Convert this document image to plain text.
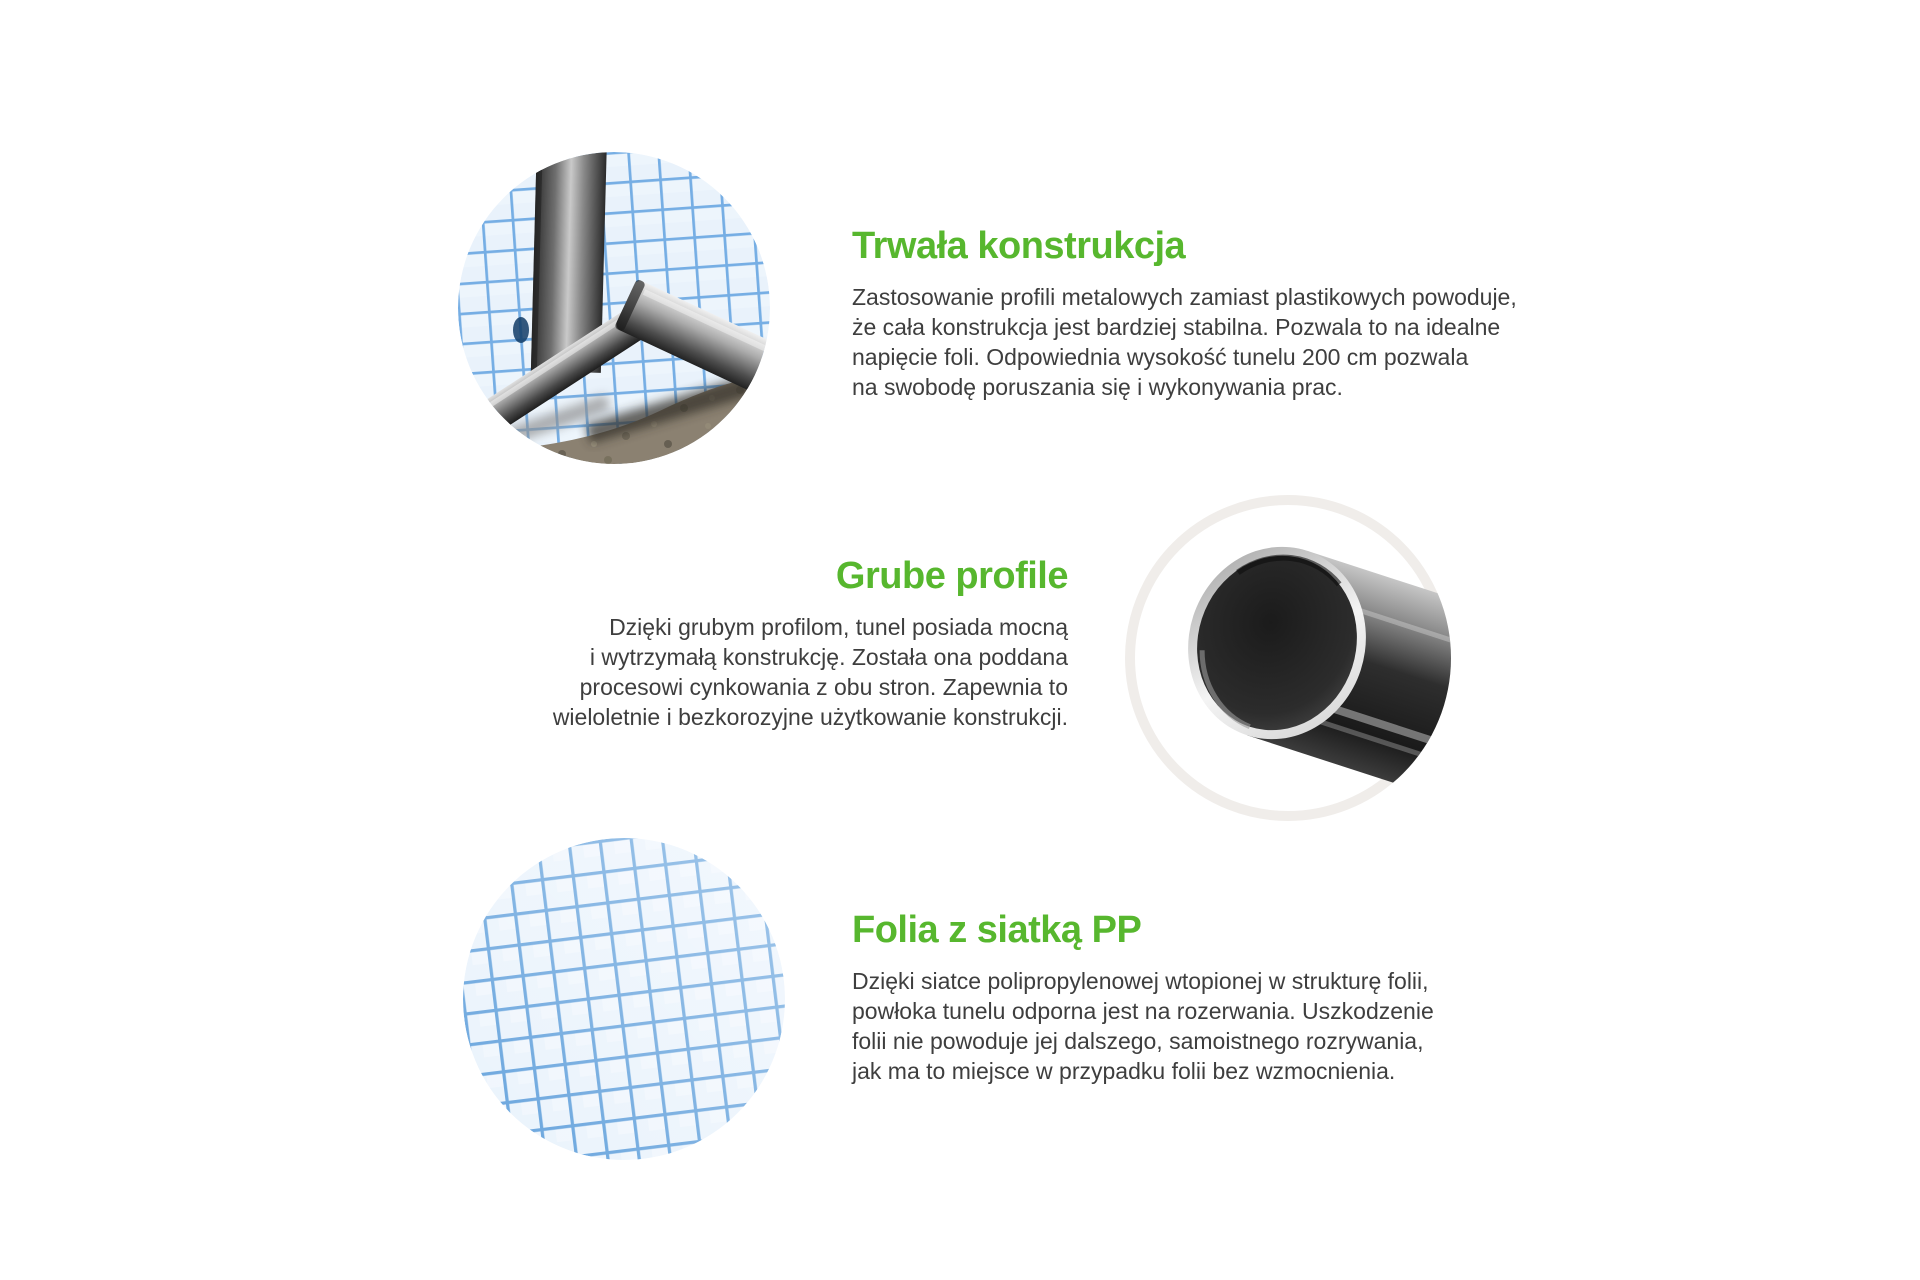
Trwała konstrukcja
Zastosowanie profili metalowych zamiast plastikowych powoduje,
że cała konstrukcja jest bardziej stabilna. Pozwala to na idealne
napięcie foli. Odpowiednia wysokość tunelu 200 cm pozwala
na swobodę poruszania się i wykonywania prac.
Grube profile
Dzięki grubym profilom, tunel posiada mocną
i wytrzymałą konstrukcję. Została ona poddana
procesowi cynkowania z obu stron. Zapewnia to
wieloletnie i bezkorozyjne użytkowanie konstrukcji.
Folia z siatką PP
Dzięki siatce polipropylenowej wtopionej w strukturę folii,
powłoka tunelu odporna jest na rozerwania. Uszkodzenie
folii nie powoduje jej dalszego, samoistnego rozrywania,
jak ma to miejsce w przypadku folii bez wzmocnienia.
